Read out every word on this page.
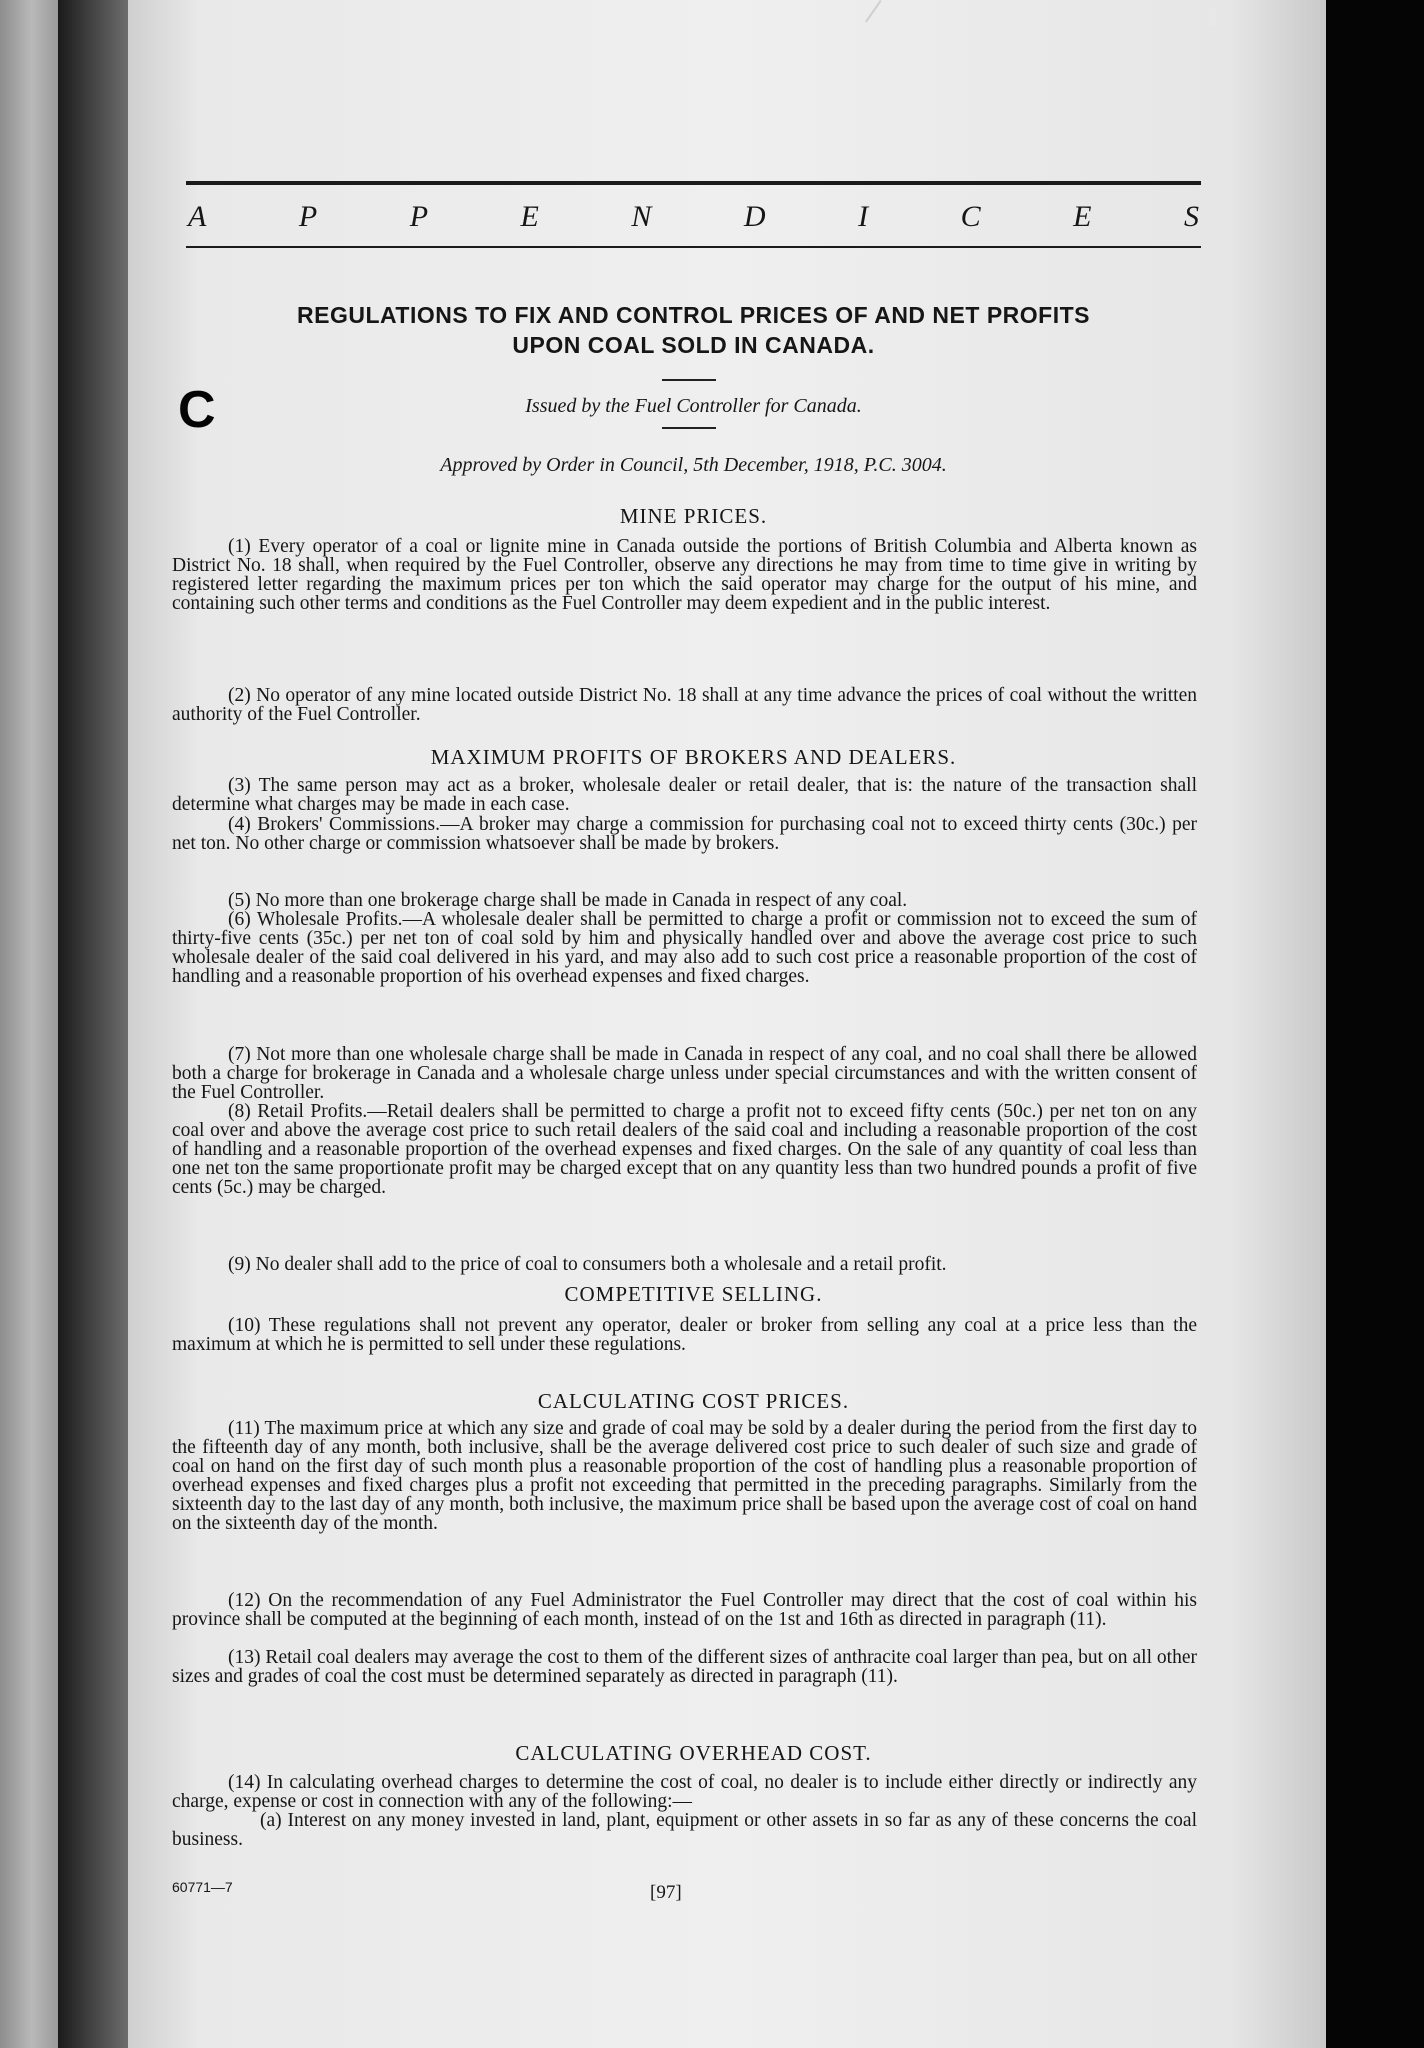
A	P	P	E	N	D	I	C	E	S
REGULATIONS TO FIX AND CONTROL PRICES OF AND NET PROFITS
UPON COAL SOLD IN CANADA.
C	Issued by the Fuel Controller for Canada.
Approved by Order in Council, 5th December, 1918, P.C. 3004.
MINE PRICES.

(1) Every operator of a coal or lignite mine in Canada outside the portions of British Columbia and Alberta known as District No. 18 shall, when required by the Fuel Controller, observe any directions he may from time to time give in writing by registered letter regarding the maximum prices per ton which the said operator may charge for the output of his mine, and containing such other terms and conditions as the Fuel Controller may deem expedient and in the public interest.

(2) No operator of any mine located outside District No. 18 shall at any time advance the prices of coal without the written authority of the Fuel Controller.

MAXIMUM PROFITS OF BROKERS AND DEALERS.

(3) The same person may act as a broker, wholesale dealer or retail dealer, that is: the nature of the transaction shall determine what charges may be made in each case.

(4) Brokers' Commissions.—A broker may charge a commission for purchasing coal not to exceed thirty cents (30c.) per net ton. No other charge or commission whatsoever shall be made by brokers.

(5) No more than one brokerage charge shall be made in Canada in respect of any coal.

(6) Wholesale Profits.—A wholesale dealer shall be permitted to charge a profit or commission not to exceed the sum of thirty-five cents (35c.) per net ton of coal sold by him and physically handled over and above the average cost price to such wholesale dealer of the said coal delivered in his yard, and may also add to such cost price a reasonable proportion of the cost of handling and a reasonable proportion of his overhead expenses and fixed charges.

(7) Not more than one wholesale charge shall be made in Canada in respect of any coal, and no coal shall there be allowed both a charge for brokerage in Canada and a wholesale charge unless under special circumstances and with the written consent of the Fuel Controller.

(8) Retail Profits.—Retail dealers shall be permitted to charge a profit not to exceed fifty cents (50c.) per net ton on any coal over and above the average cost price to such retail dealers of the said coal and including a reasonable proportion of the cost of handling and a reasonable proportion of the overhead expenses and fixed charges. On the sale of any quantity of coal less than one net ton the same proportionate profit may be charged except that on any quantity less than two hundred pounds a profit of five cents (5c.) may be charged.

(9) No dealer shall add to the price of coal to consumers both a wholesale and a retail profit.

COMPETITIVE SELLING.

(10) These regulations shall not prevent any operator, dealer or broker from selling any coal at a price less than the maximum at which he is permitted to sell under these regulations.

CALCULATING COST PRICES.

(11) The maximum price at which any size and grade of coal may be sold by a dealer during the period from the first day to the fifteenth day of any month, both inclusive, shall be the average delivered cost price to such dealer of such size and grade of coal on hand on the first day of such month plus a reasonable proportion of the cost of handling plus a reasonable proportion of overhead expenses and fixed charges plus a profit not exceeding that permitted in the preceding paragraphs. Similarly from the sixteenth day to the last day of any month, both inclusive, the maximum price shall be based upon the average cost of coal on hand on the sixteenth day of the month.

(12) On the recommendation of any Fuel Administrator the Fuel Controller may direct that the cost of coal within his province shall be computed at the beginning of each month, instead of on the 1st and 16th as directed in paragraph (11).

(13) Retail coal dealers may average the cost to them of the different sizes of anthracite coal larger than pea, but on all other sizes and grades of coal the cost must be determined separately as directed in paragraph (11).

CALCULATING OVERHEAD COST.

(14) In calculating overhead charges to determine the cost of coal, no dealer is to include either directly or indirectly any charge, expense or cost in connection with any of the following:—

(a) Interest on any money invested in land, plant, equipment or other assets in so far as any of these concerns the coal business.

60771—7	[97]
